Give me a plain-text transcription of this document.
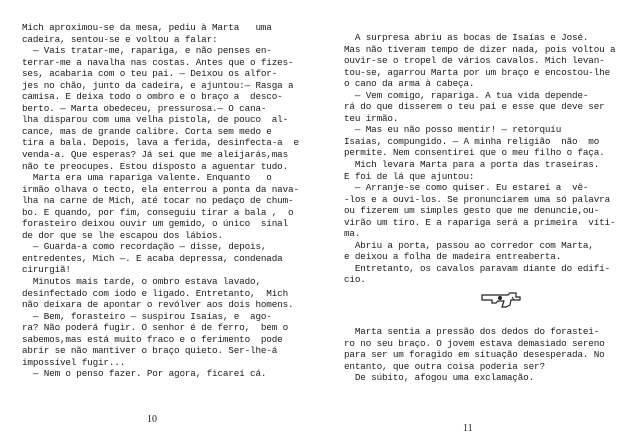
Mich aproximou-se da mesa, pediu à Marta   uma
cadeira, sentou-se e voltou a falar:
— Vais tratar-me, rapariga, e não penses en-
terrar-me a navalha nas costas. Antes que o fizes-
ses, acabaria com o teu pai. — Deixou os alfor-
jes no chão, junto da cadeira, e ajuntou:— Rasga a
camisa. E deixa todo o ombro e o braço a  desco-
berto. — Marta obedeceu, pressurosa.— O cana-
lha disparou com uma velha pistola, de pouco  al-
cance, mas de grande calibre. Corta sem medo e
tira a bala. Depois, lava a ferida, desinfecta-a  e
venda-a. Que esperas? Já sei que me aleijarás,mas
não te preocupes. Estou disposto a aguentar tudo.
Marta era uma rapariga valente. Enquanto   o
irmão olhava o tecto, ela enterrou a ponta da nava-
lha na carne de Mich, até tocar no pedaço de chum-
bo. E quando, por fim, conseguiu tirar a bala ,  o
forasteiro deixou ouvir um gemido, o único  sinal
de dor que se lhe escapou dos lábios.
— Guarda-a como recordação — disse, depois,
entredentes, Mich —. E acaba depressa, condenada
cirurgiã!
Minutos mais tarde, o ombro estava lavado,
desinfectado com iodo e ligado. Entretanto,  Mich
não deixara de apontar o revólver aos dois homens.
— Bem, forasteiro — suspirou Isaías, e  ago-
ra? Não poderá fugir. O senhor é de ferro,  bem o
sabemos,mas está muito fraco e o ferimento  pode
abrir se não mantiver o braço quieto. Ser-lhe-á
impossível fugir...
— Nem o penso fazer. Por agora, ficarei cá.
10
A surpresa abriu as bocas de Isaías e José.
Mas não tiveram tempo de dizer nada, pois voltou a
ouvir-se o tropel de vários cavalos. Mich levan-
tou-se, agarrou Marta por um braço e encostou-lhe
o cano da arma à cabeça.
— Vem comigo, rapariga. A tua vida depende-
rá do que disserem o teu pai e esse que deve ser
teu irmão.
— Mas eu não posso mentir! — retorquiu
Isaías, compungido. — A minha religião  não  mo
permite. Nem consentirei que o meu filho o faça.
Mich levara Marta para a porta das traseiras.
E foi de lá que ajuntou:
— Arranje-se como quiser. Eu estarei a  vê-
-los e a ouvi-los. Se pronunciarem uma só palavra
ou fizerem um simples gesto que me denuncie,ou-
virão um tiro. E a rapariga será a primeira  víti-
ma.
Abriu a porta, passou ao corredor com Marta,
e deixou a folha de madeira entreaberta.
Entretanto, os cavalos paravam diante do edifí-
cio.
Marta sentia a pressão dos dedos do forastei-
ro no seu braço. O jovem estava demasiado sereno
para ser um foragido em situação desesperada. No
entanto, que outra coisa poderia ser?
De súbito, afogou uma exclamação.
11
